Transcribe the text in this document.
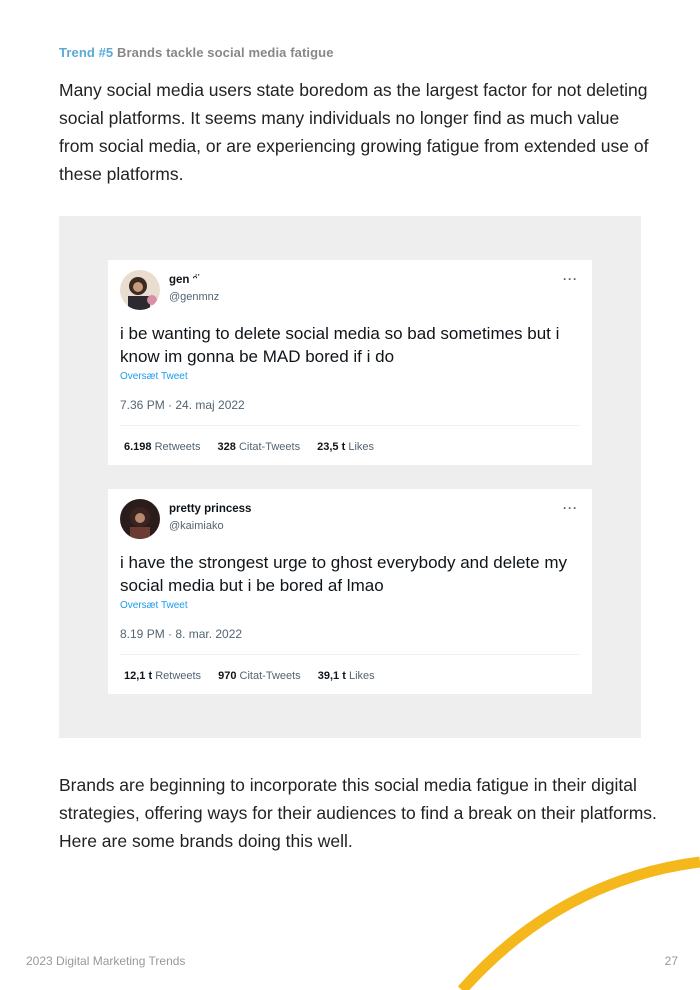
Trend #5 Brands tackle social media fatigue
Many social media users state boredom as the largest factor for not deleting social platforms. It seems many individuals no longer find as much value from social media, or are experiencing growing fatigue from extended use of these platforms.
gen ᵔ̈
@genmnz
···
i be wanting to delete social media so bad sometimes but i know im gonna be MAD bored if i do
Oversæt Tweet
7.36 PM · 24. maj 2022
6.198 Retweets 328 Citat-Tweets 23,5 t Likes
pretty princess
@kaimiako
···
i have the strongest urge to ghost everybody and delete my social media but i be bored af lmao
Oversæt Tweet
8.19 PM · 8. mar. 2022
12,1 t Retweets 970 Citat-Tweets 39,1 t Likes
Brands are beginning to incorporate this social media fatigue in their digital strategies, offering ways for their audiences to find a break on their platforms. Here are some brands doing this well.
2023 Digital Marketing Trends	27
